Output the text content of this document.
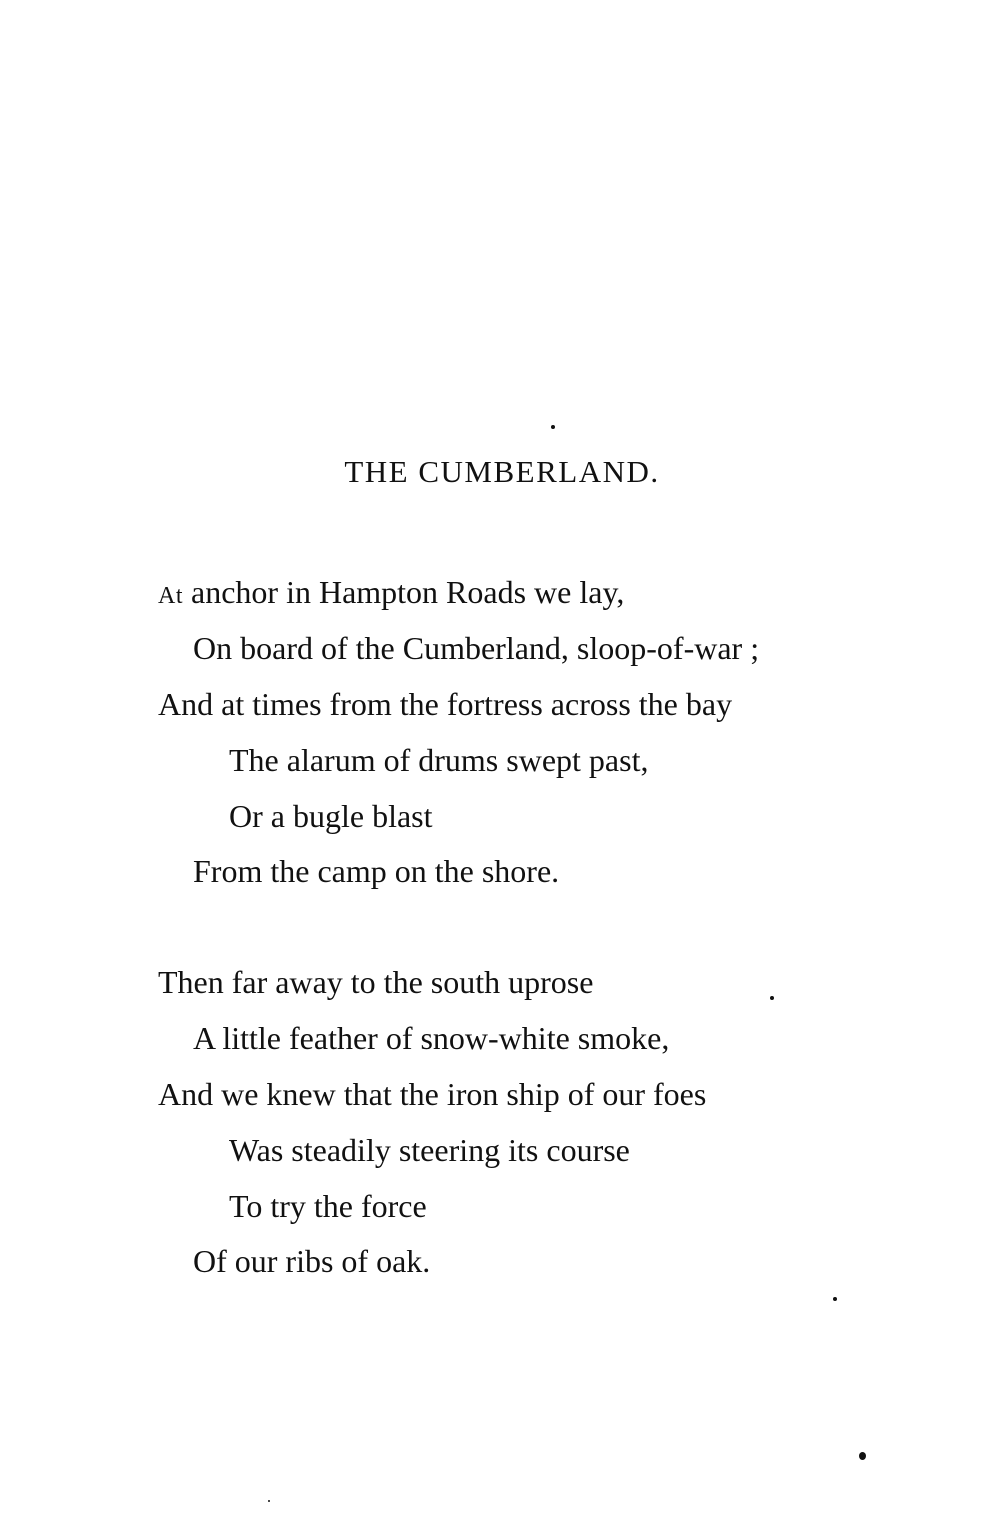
THE CUMBERLAND.
At anchor in Hampton Roads we lay,
On board of the Cumberland, sloop-of-war ;
And at times from the fortress across the bay
The alarum of drums swept past,
Or a bugle blast
From the camp on the shore.
Then far away to the south uprose
A little feather of snow-white smoke,
And we knew that the iron ship of our foes
Was steadily steering its course
To try the force
Of our ribs of oak.
